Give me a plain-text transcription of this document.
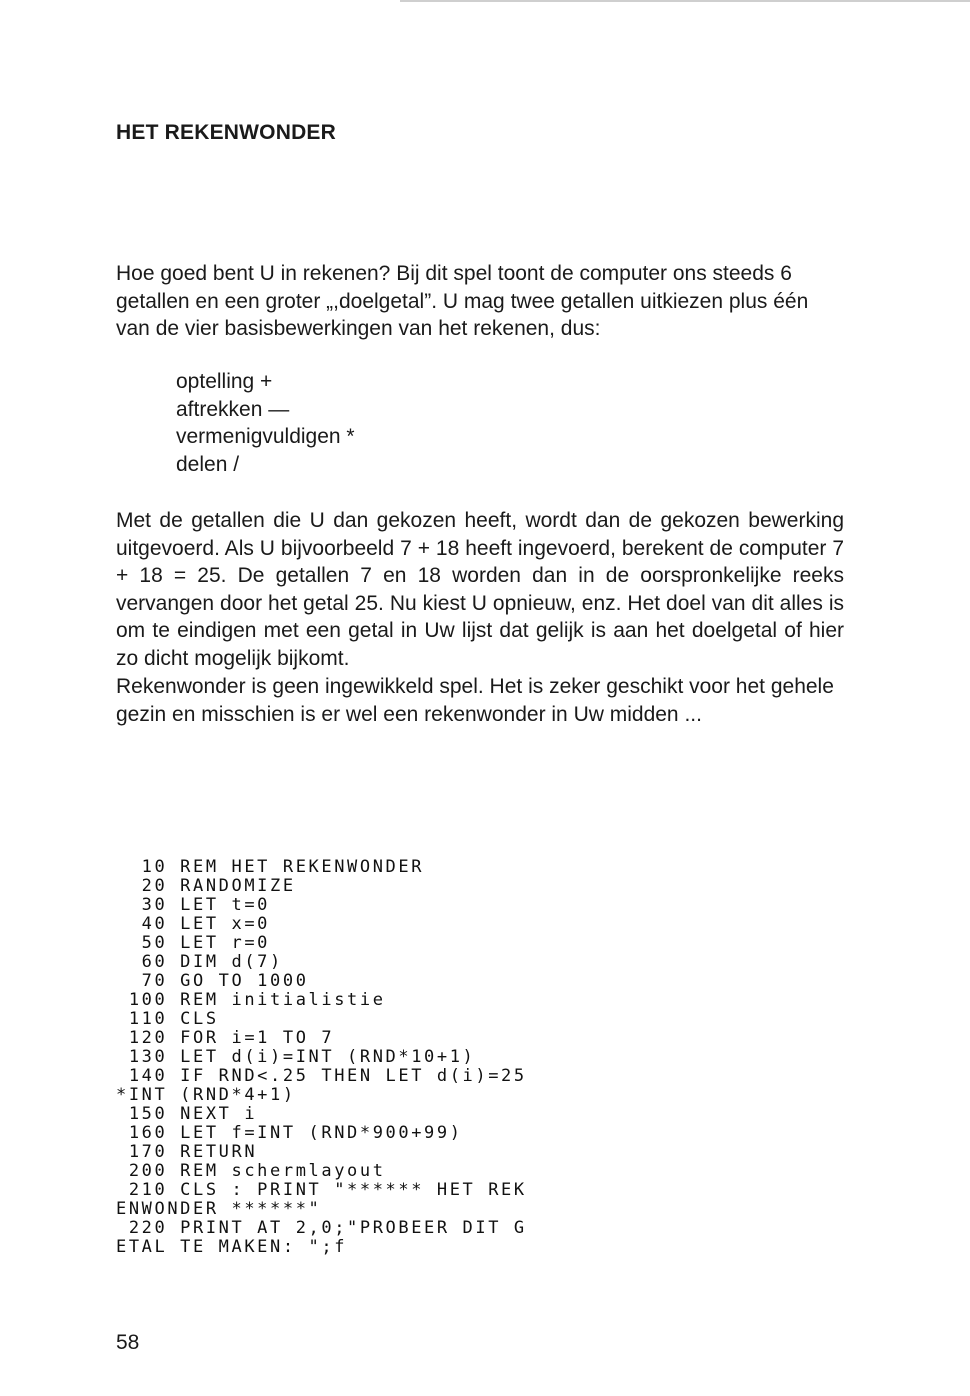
HET REKENWONDER

Hoe goed bent U in rekenen? Bij dit spel toont de computer ons steeds 6 getallen en een groter „,doelgetal”. U mag twee getallen uitkiezen plus één van de vier basisbewerkingen van het rekenen, dus:

optelling +
aftrekken —
vermenigvuldigen *
delen /

Met de getallen die U dan gekozen heeft, wordt dan de gekozen bewerking uitgevoerd. Als U bijvoorbeeld 7 + 18 heeft ingevoerd, berekent de computer 7 + 18 = 25. De getallen 7 en 18 worden dan in de oorspronkelijke reeks vervangen door het getal 25. Nu kiest U opnieuw, enz. Het doel van dit alles is om te eindigen met een getal in Uw lijst dat gelijk is aan het doelgetal of hier zo dicht mogelijk bijkomt.

Rekenwonder is geen ingewikkeld spel. Het is zeker geschikt voor het gehele gezin en misschien is er wel een rekenwonder in Uw midden ...

10 REM HET REKENWONDER
20 RANDOMIZE
30 LET t=0
40 LET x=0
50 LET r=0
60 DIM d(7)
70 GO TO 1000
100 REM initialistie
110 CLS
120 FOR i=1 TO 7
130 LET d(i)=INT (RND*10+1)
140 IF RND<.25 THEN LET d(i)=25
*INT (RND*4+1)
150 NEXT i
160 LET f=INT (RND*900+99)
170 RETURN
200 REM schermlayout
210 CLS : PRINT "****** HET REK
ENWONDER ******"
220 PRINT AT 2,0;"PROBEER DIT G
ETAL TE MAKEN: ";f
58
